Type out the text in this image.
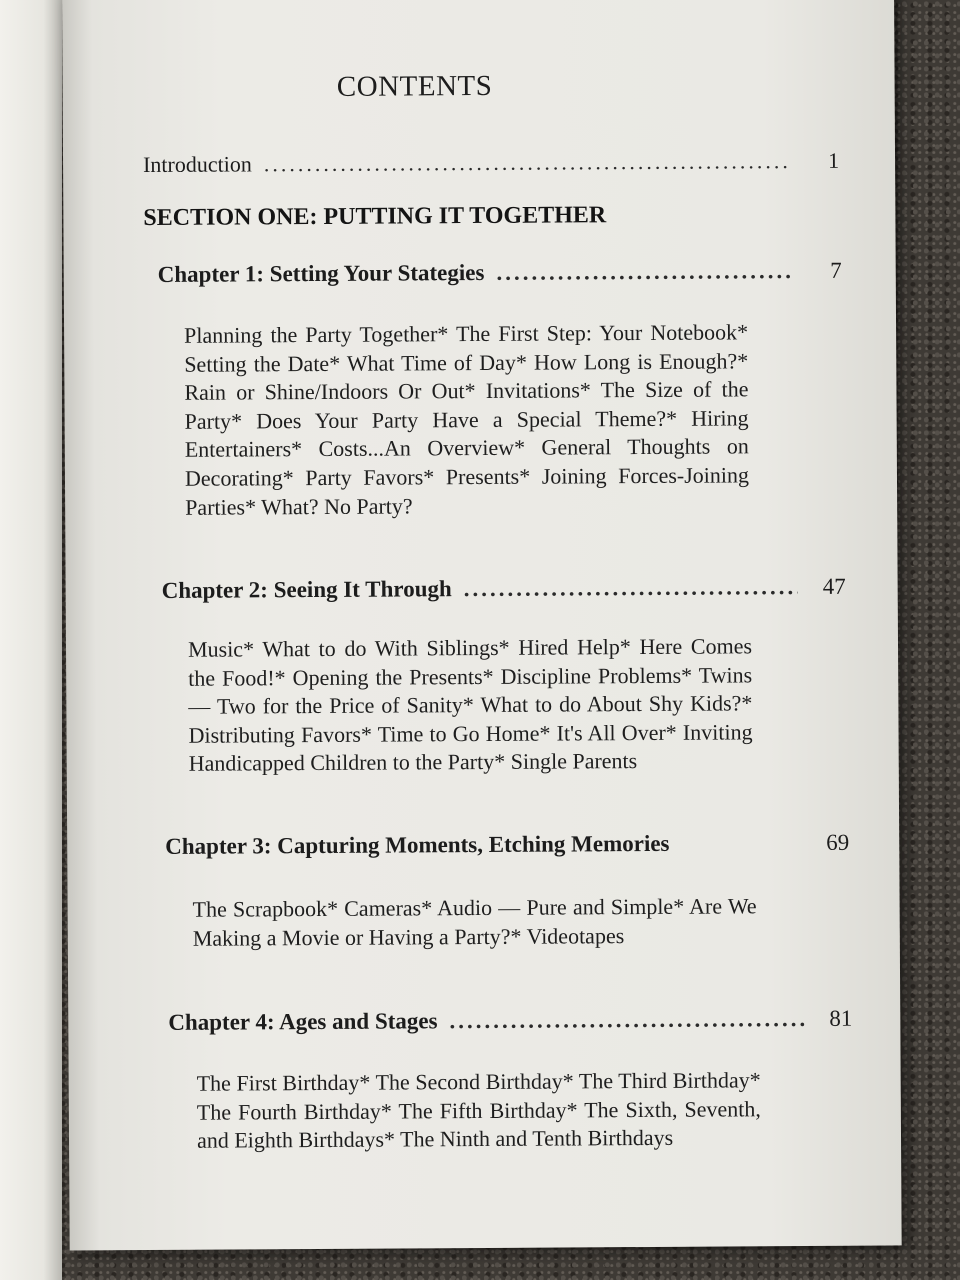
CONTENTS
Introduction .....	1
SECTION ONE: PUTTING IT TOGETHER
Chapter 1: Setting Your Stategies .....	7
Planning the Party Together* The First Step: Your Notebook* Setting the Date* What Time of Day* How Long is Enough?* Rain or Shine/Indoors Or Out* Invitations* The Size of the Party* Does Your Party Have a Special Theme?* Hiring Entertainers* Costs...An Overview* General Thoughts on Decorating* Party Favors* Presents* Joining Forces-Joining Parties* What? No Party?
Chapter 2: Seeing It Through .....	47
Music* What to do With Siblings* Hired Help* Here Comes the Food!* Opening the Presents* Discipline Problems* Twins — Two for the Price of Sanity* What to do About Shy Kids?* Distributing Favors* Time to Go Home* It's All Over* Inviting Handicapped Children to the Party* Single Parents
Chapter 3: Capturing Moments, Etching Memories	69
The Scrapbook* Cameras* Audio — Pure and Simple* Are We Making a Movie or Having a Party?* Videotapes
Chapter 4: Ages and Stages .....	81
The First Birthday* The Second Birthday* The Third Birthday* The Fourth Birthday* The Fifth Birthday* The Sixth, Seventh, and Eighth Birthdays* The Ninth and Tenth Birthdays
